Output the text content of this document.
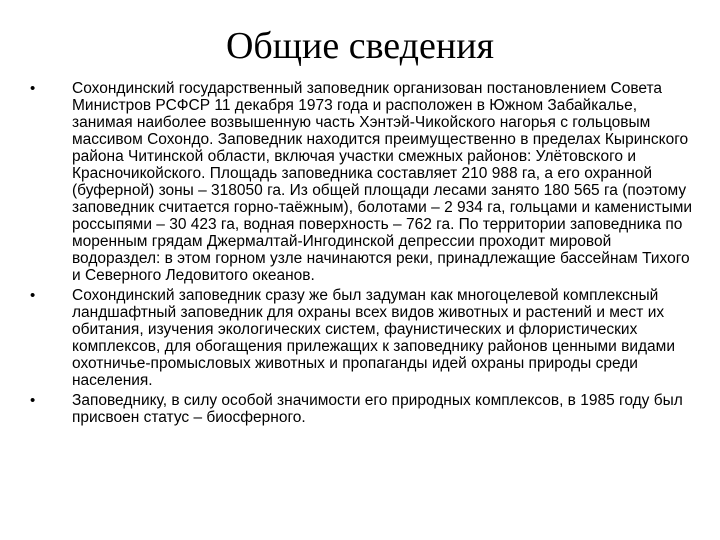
Общие сведения
•	Сохондинский государственный заповедник организован постановлением Совета Министров РСФСР 11 декабря 1973 года и расположен в Южном Забайкалье, занимая наиболее возвышенную часть Хэнтэй-Чикойского нагорья с гольцовым массивом Сохондо. Заповедник находится преимущественно в пределах Кыринского района Читинской области, включая участки смежных районов: Улётовского и Красночикойского. Площадь заповедника составляет 210 988 га, а его охранной (буферной) зоны – 318050 га. Из общей площади лесами занято 180 565 га (поэтому заповедник считается горно-таёжным), болотами – 2 934 га, гольцами и каменистыми россыпями – 30 423 га, водная поверхность – 762 га. По территории заповедника по моренным грядам Джермалтай-Ингодинской депрессии проходит мировой водораздел: в этом горном узле начинаются реки, принадлежащие бассейнам Тихого и Северного Ледовитого океанов.
•	Сохондинский заповедник сразу же был задуман как многоцелевой комплексный ландшафтный заповедник для охраны всех видов животных и растений и мест их обитания, изучения экологических систем, фаунистических и флористических комплексов, для обогащения прилежащих к заповеднику районов ценными видами охотничье-промысловых животных и пропаганды идей охраны природы среди населения.
•	Заповеднику, в силу особой значимости его природных комплексов, в 1985 году был присвоен статус – биосферного.
